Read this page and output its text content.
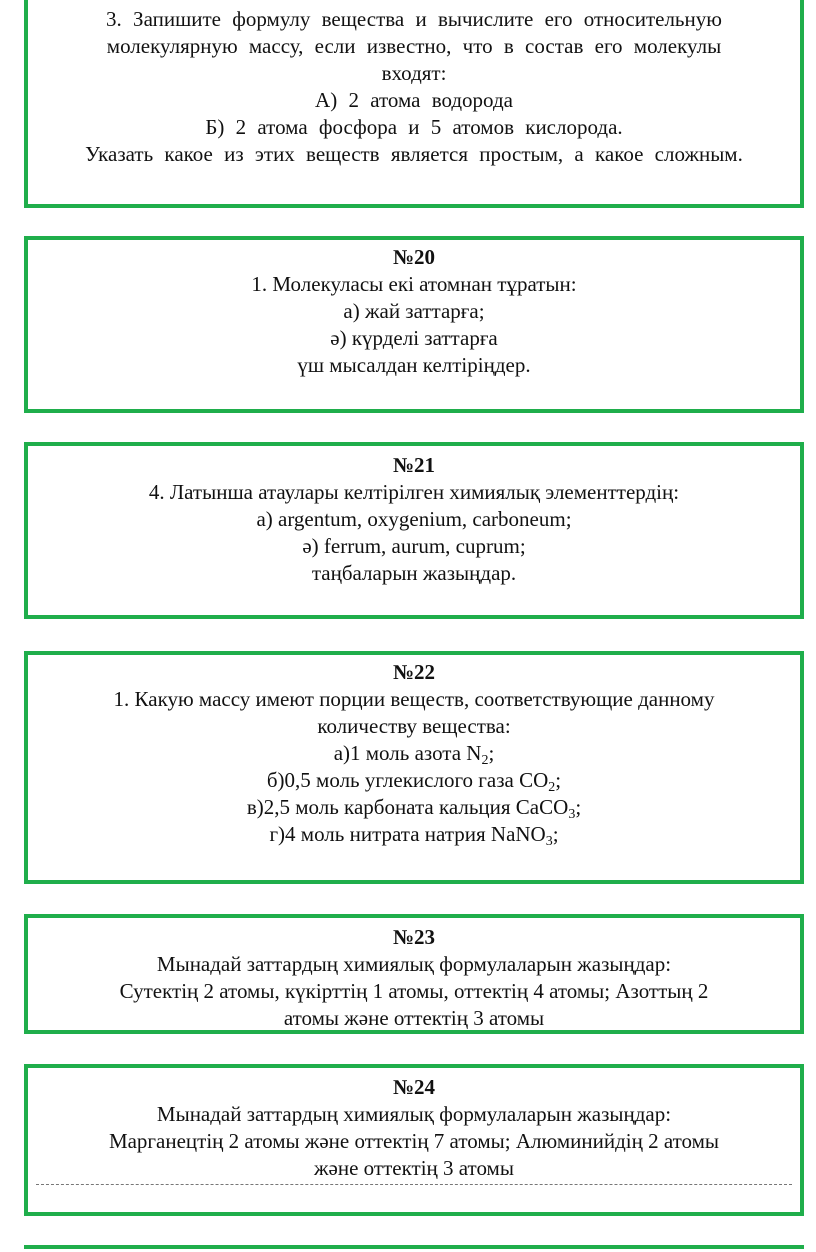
3. Запишите формулу вещества и вычислите его относительную
молекулярную массу, если известно, что в состав его молекулы
входят:
А) 2 атома водорода
Б) 2 атома фосфора и 5 атомов кислорода.
Указать какое из этих веществ является простым, а какое сложным.
№20
1. Молекуласы екі атомнан тұратын:
а) жай заттарға;
ә) күрделі заттарға
үш мысалдан келтіріңдер.
№21
4. Латынша атаулары келтірілген химиялық элементтердің:
а) argentum, oxygenium, carboneum;
ә) ferrum, aurum, cuprum;
таңбаларын жазыңдар.
№22
1. Какую массу имеют порции веществ, соответствующие данному
количеству вещества:
а)1 моль азота $N_2$;
б)0,5 моль углекислого газа $CO_2$;
в)2,5 моль карбоната кальция CaCO$_3$;
г)4 моль нитрата натрия NaNO$_3$;
№23
Мынадай заттардың химиялық формулаларын жазыңдар:
Сутектің 2 атомы, күкірттің 1 атомы, оттектің 4 атомы; Азоттың 2
атомы және оттектің 3 атомы
№24
Мынадай заттардың химиялық формулаларын жазыңдар:
Марганецтің 2 атомы және оттектің 7 атомы; Алюминийдің 2 атомы
және оттектің 3 атомы
